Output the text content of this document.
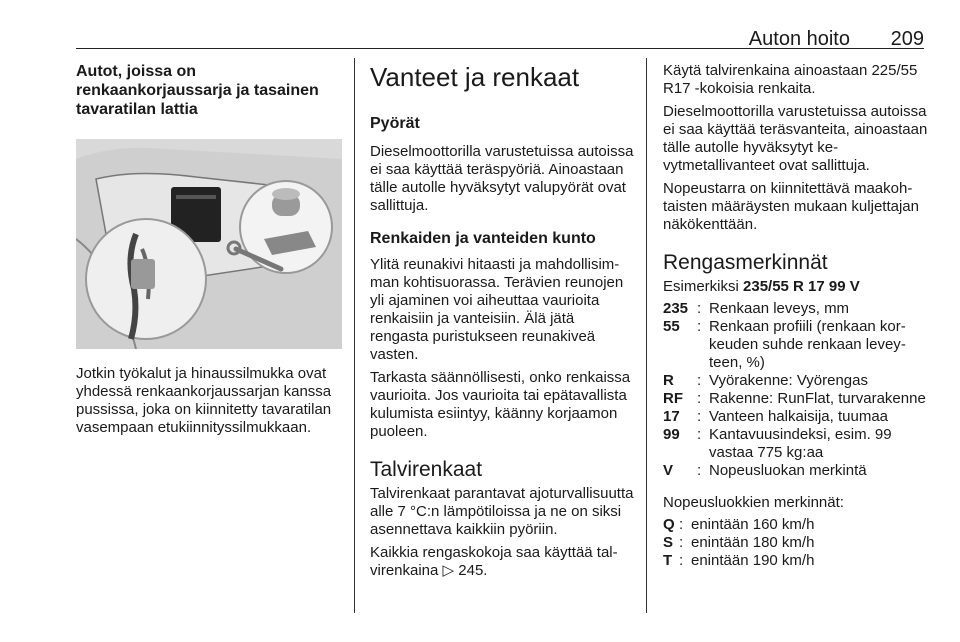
Auton hoito 209
Autot, joissa on renkaankorjaussarja ja tasainen tavaratilan lattia

Jotkin työkalut ja hinaussilmukka ovat yhdessä renkaankorjaussarjan kanssa pussissa, joka on kiinnitetty tavaratilan vasempaan etukiinnityssilmukkaan.

Vanteet ja renkaat
Pyörät

Dieselmoottorilla varustetuissa autoissa ei saa käyttää teräspyöriä. Ainoastaan tälle autolle hyväksytyt valupyörät ovat sallittuja.

Renkaiden ja vanteiden kunto

Ylitä reunakivi hitaasti ja mahdollisimman kohtisuorassa. Terävien reunojen yli ajaminen voi aiheuttaa vaurioita renkaisiin ja vanteisiin. Älä jätä rengasta puristukseen reunakiveä vasten.

Tarkasta säännöllisesti, onko renkaissa vaurioita. Jos vaurioita tai epätavallista kulumista esiintyy, käänny korjaamon puoleen.

Talvirenkaat

Talvirenkaat parantavat ajoturvallisuutta alle 7 °C:n lämpötiloissa ja ne on siksi asennettava kaikkiin pyöriin.

Kaikkia rengaskokoja saa käyttää talvirenkaina ▷ 245.

Käytä talvirenkaina ainoastaan 225/55 R17 -kokoisia renkaita.

Dieselmoottorilla varustetuissa autoissa ei saa käyttää teräsvanteita, ainoastaan tälle autolle hyväksytyt kevytmetallivanteet ovat sallittuja.

Nopeustarra on kiinnitettävä maakohtaisten määräysten mukaan kuljettajan näkökenttään.

Rengasmerkinnät

Esimerkiksi 235/55 R 17 99 V

235 : Renkaan leveys, mm
55	: Renkaan profiili (renkaan korkeuden suhde renkaan leveyteen, %)
R	: Vyörakenne: Vyörengas
RF : Rakenne: RunFlat, turvarakenne
17	: Vanteen halkaisija, tuumaa
99	: Kantavuusindeksi, esim. 99 vastaa 775 kg:aa
V	: Nopeusluokan merkintä

Nopeusluokkien merkinnät:

Q : enintään 160 km/h
S : enintään 180 km/h
T : enintään 190 km/h
